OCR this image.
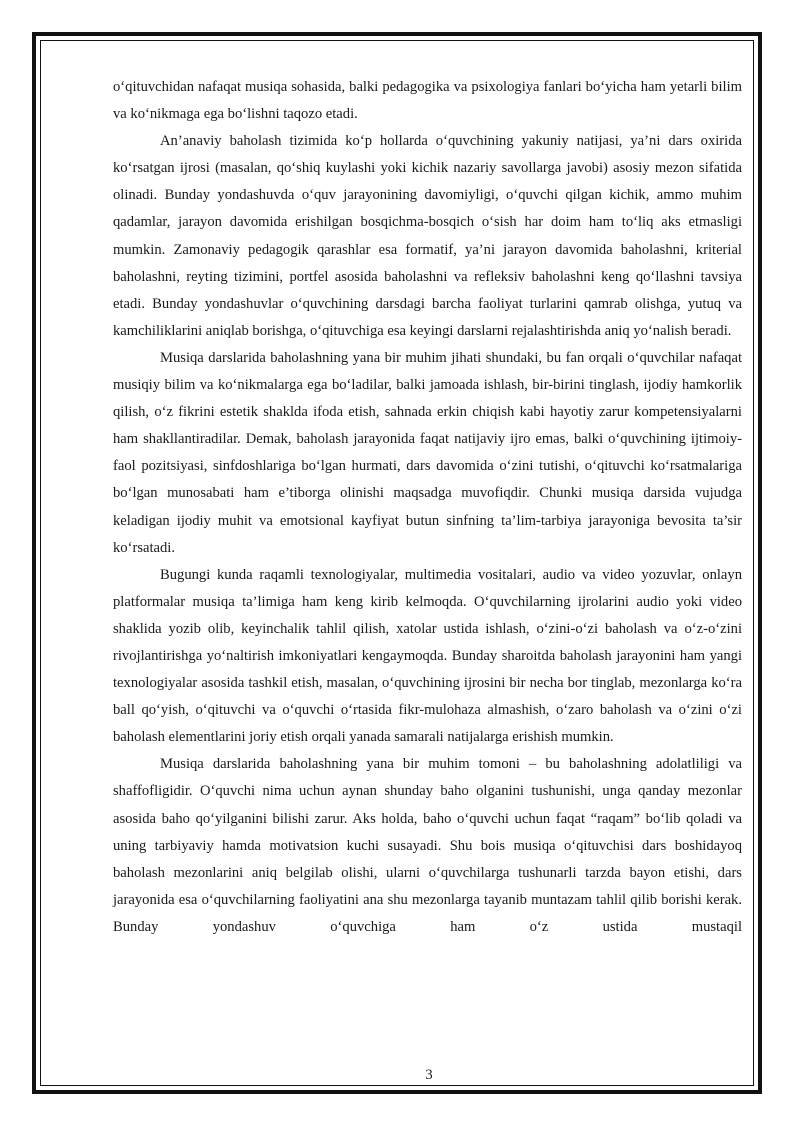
o‘qituvchidan nafaqat musiqa sohasida, balki pedagogika va psixologiya fanlari bo‘yicha ham yetarli bilim va ko‘nikmaga ega bo‘lishni taqozo etadi.

An’anaviy baholash tizimida ko‘p hollarda o‘quvchining yakuniy natijasi, ya’ni dars oxirida ko‘rsatgan ijrosi (masalan, qo‘shiq kuylashi yoki kichik nazariy savollarga javobi) asosiy mezon sifatida olinadi. Bunday yondashuvda o‘quv jarayonining davomiyligi, o‘quvchi qilgan kichik, ammo muhim qadamlar, jarayon davomida erishilgan bosqichma-bosqich o‘sish har doim ham to‘liq aks etmasligi mumkin. Zamonaviy pedagogik qarashlar esa formatif, ya’ni jarayon davomida baholashni, kriterial baholashni, reyting tizimini, portfel asosida baholashni va refleksiv baholashni keng qo‘llashni tavsiya etadi. Bunday yondashuvlar o‘quvchining darsdagi barcha faoliyat turlarini qamrab olishga, yutuq va kamchiliklarini aniqlab borishga, o‘qituvchiga esa keyingi darslarni rejalashtirishda aniq yo‘nalish beradi.

Musiqa darslarida baholashning yana bir muhim jihati shundaki, bu fan orqali o‘quvchilar nafaqat musiqiy bilim va ko‘nikmalarga ega bo‘ladilar, balki jamoada ishlash, bir-birini tinglash, ijodiy hamkorlik qilish, o‘z fikrini estetik shaklda ifoda etish, sahnada erkin chiqish kabi hayotiy zarur kompetensiyalarni ham shakllantiradilar. Demak, baholash jarayonida faqat natijaviy ijro emas, balki o‘quvchining ijtimoiy-faol pozitsiyasi, sinfdoshlariga bo‘lgan hurmati, dars davomida o‘zini tutishi, o‘qituvchi ko‘rsatmalariga bo‘lgan munosabati ham e’tiborga olinishi maqsadga muvofiqdir. Chunki musiqa darsida vujudga keladigan ijodiy muhit va emotsional kayfiyat butun sinfning ta’lim-tarbiya jarayoniga bevosita ta’sir ko‘rsatadi.

Bugungi kunda raqamli texnologiyalar, multimedia vositalari, audio va video yozuvlar, onlayn platformalar musiqa ta’limiga ham keng kirib kelmoqda. O‘quvchilarning ijrolarini audio yoki video shaklida yozib olib, keyinchalik tahlil qilish, xatolar ustida ishlash, o‘zini-o‘zi baholash va o‘z-o‘zini rivojlantirishga yo‘naltirish imkoniyatlari kengaymoqda. Bunday sharoitda baholash jarayonini ham yangi texnologiyalar asosida tashkil etish, masalan, o‘quvchining ijrosini bir necha bor tinglab, mezonlarga ko‘ra ball qo‘yish, o‘qituvchi va o‘quvchi o‘rtasida fikr-mulohaza almashish, o‘zaro baholash va o‘zini o‘zi baholash elementlarini joriy etish orqali yanada samarali natijalarga erishish mumkin.

Musiqa darslarida baholashning yana bir muhim tomoni – bu baholashning adolatliligi va shaffofligidir. O‘quvchi nima uchun aynan shunday baho olganini tushunishi, unga qanday mezonlar asosida baho qo‘yilganini bilishi zarur. Aks holda, baho o‘quvchi uchun faqat “raqam” bo‘lib qoladi va uning tarbiyaviy hamda motivatsion kuchi susayadi. Shu bois musiqa o‘qituvchisi dars boshidayoq baholash mezonlarini aniq belgilab olishi, ularni o‘quvchilarga tushunarli tarzda bayon etishi, dars jarayonida esa o‘quvchilarning faoliyatini ana shu mezonlarga tayanib muntazam tahlil qilib borishi kerak. Bunday yondashuv o‘quvchiga ham o‘z ustida mustaqil

3
